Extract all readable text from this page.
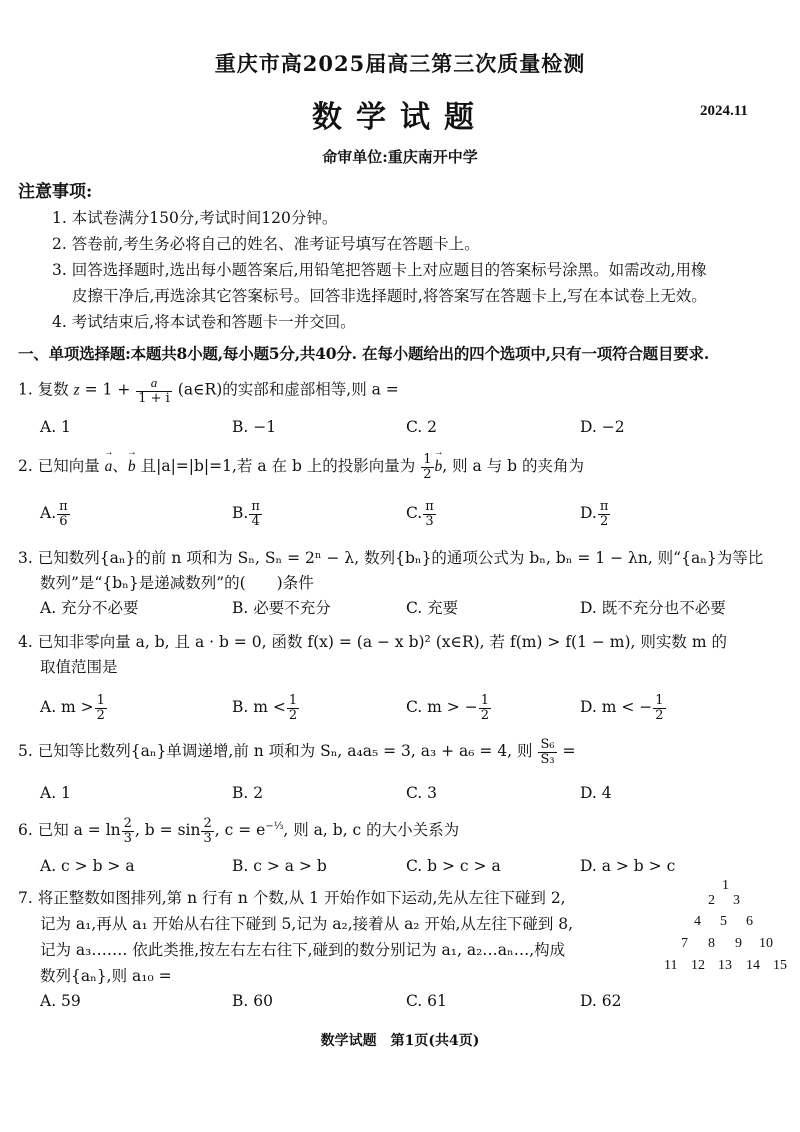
重庆市高2025届高三第三次质量检测
数学试题	2024.11
命审单位:重庆南开中学
注意事项:
1. 本试卷满分150分,考试时间120分钟。
2. 答卷前,考生务必将自己的姓名、准考证号填写在答题卡上。
3. 回答选择题时,选出每小题答案后,用铅笔把答题卡上对应题目的答案标号涂黑。如需改动,用橡
皮擦干净后,再选涂其它答案标号。回答非选择题时,将答案写在答题卡上,写在本试卷上无效。
4. 考试结束后,将本试卷和答题卡一并交回。
一、单项选择题:本题共8小题,每小题5分,共40分. 在每小题给出的四个选项中,只有一项符合题目要求.
1. 复数 $z = 1 + \frac{a}{1 + i}$ (a∈R)的实部和虚部相等,则 a =
A. 1	B. −1	C. 2	D. −2
2. 已知向量 → a、→ b 且|a|=|b|=1,若 a 在 b 上的投影向量为 $\frac{1}{2}$
→ b, 则 a 与 b 的夹角为
A. $\frac{\pi}{6}$	B. $\frac{\pi}{4}$	C. $\frac{\pi}{3}$	D. $\frac{\pi}{2}$
3. 已知数列{aₙ}的前 n 项和为 Sₙ, Sₙ = 2ⁿ − λ, 数列{bₙ}的通项公式为 bₙ, bₙ = 1 − λn, 则“{aₙ}为等比
数列”是“{bₙ}是递减数列”的(　　)条件
A. 充分不必要	B. 必要不充分	C. 充要	D. 既不充分也不必要
4. 已知非零向量 a, b, 且 a · b = 0, 函数 f(x) = (a − x b)² (x∈R), 若 f(m) > f(1 − m), 则实数 m 的
取值范围是
A. $m > \frac{1}{2}$	B. $m < \frac{1}{2}$	C. m > − $\frac{1}{2}$	D. m < − $\frac{1}{2}$
5. 已知等比数列{aₙ}单调递增,前 n 项和为 Sₙ, a₄a₅ = 3, a₃ + a₆ = 4, 则 $\frac{\text{S₆}}{\text{S₃}}$ =
A. 1	B. 2	C. 3	D. 4
6. 已知 $a = \ln \frac{2}{3}$ , $b = \sin \frac{2}{3}$ , $c = e^{-\frac{1}{3}}$, 则 a, b, c 的大小关系为
A. c > b > a	B. c > a > b	C. b > c > a	D. a > b > c
7. 将正整数如图排列,第 n 行有 n 个数,从 1 开始作如下运动,先从左往下碰到 2,
记为 a₁,再从 a₁ 开始从右往下碰到 5,记为 a₂,接着从 a₂ 开始,从左往下碰到 8,
记为 a₃……. 依此类推,按左右左右往下,碰到的数分别记为 a₁, a₂…aₙ…,构成
数列{aₙ},则 a₁₀ =
A. 59	B. 60	C. 61	D. 62
1
2 3
4 5 6
7 8 9 10
11 12 13 14 15
数学试题　第1页(共4页)
